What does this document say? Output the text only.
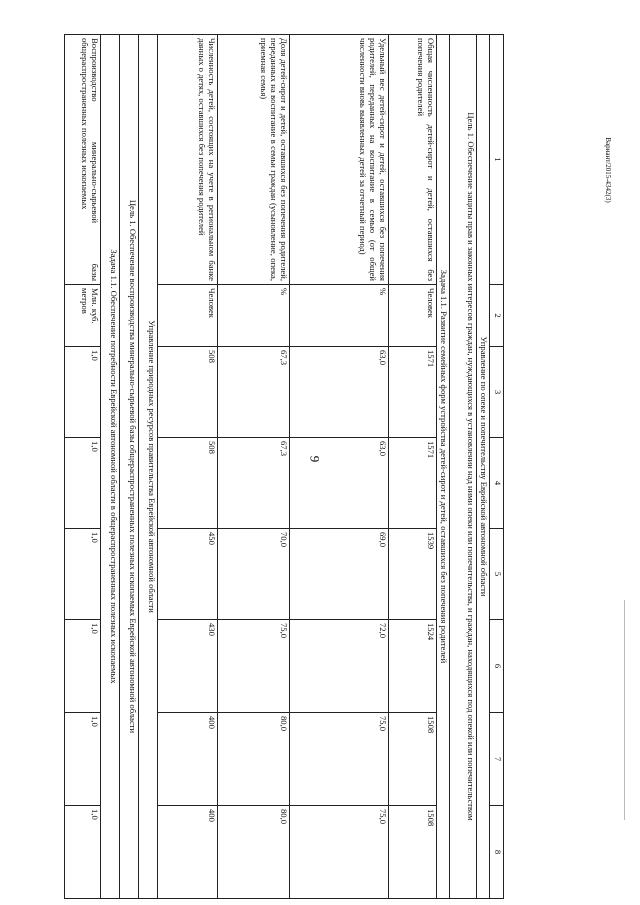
9
Вариант/2015-4342(3)
1	2	3	4	5	6	7	8
Управление по опеке и попечительству Еврейской автономной области							
Цель 1. Обеспечение защиты прав и законных интересов граждан, нуждающихся в установлении над ними опеки или попечительства, и граждан, находящихся под опекой или попечительством							
Задача 1.1. Развитие семейных форм устройства детей-сирот и детей, оставшихся без попечения родителей							
Общая численность детей-сирот и детей, оставшихся без попечения родителей	Человек	1571	1571	1539	1524	1508	1508
Удельный вес детей-сирот и детей, оставшихся без попечения родителей, переданных на воспитание в семью (от общей численности вновь выявленных детей за отчетный период)	%	63,0	63,0	69,0	72,0	75,0	75,0
Доля детей-сирот и детей, оставшихся без попечения родителей, переданных на воспитание в семьи граждан (усыновление, опека, приемная семья)	%	67,3	67,3	70,0	75,0	80,0	80,0
Численность детей, состоящих на учете в региональном банке данных о детях, оставшихся без попечения родителей	Человек	508	508	450	430	400	400
Управление природных ресурсов правительства Еврейской автономной области							
Цель 1. Обеспечение воспроизводства минерально-сырьевой базы общераспространенных полезных ископаемых Еврейской автономной области							
Задача 1.1. Обеспечение потребности Еврейской автономной области в общераспространенных полезных ископаемых							
Воспроизводство минерально-сырьевой базы общераспространенных полезных ископаемых	Млн. куб. метров	1,0	1,0	1,0	1,0	1,0	1,0
